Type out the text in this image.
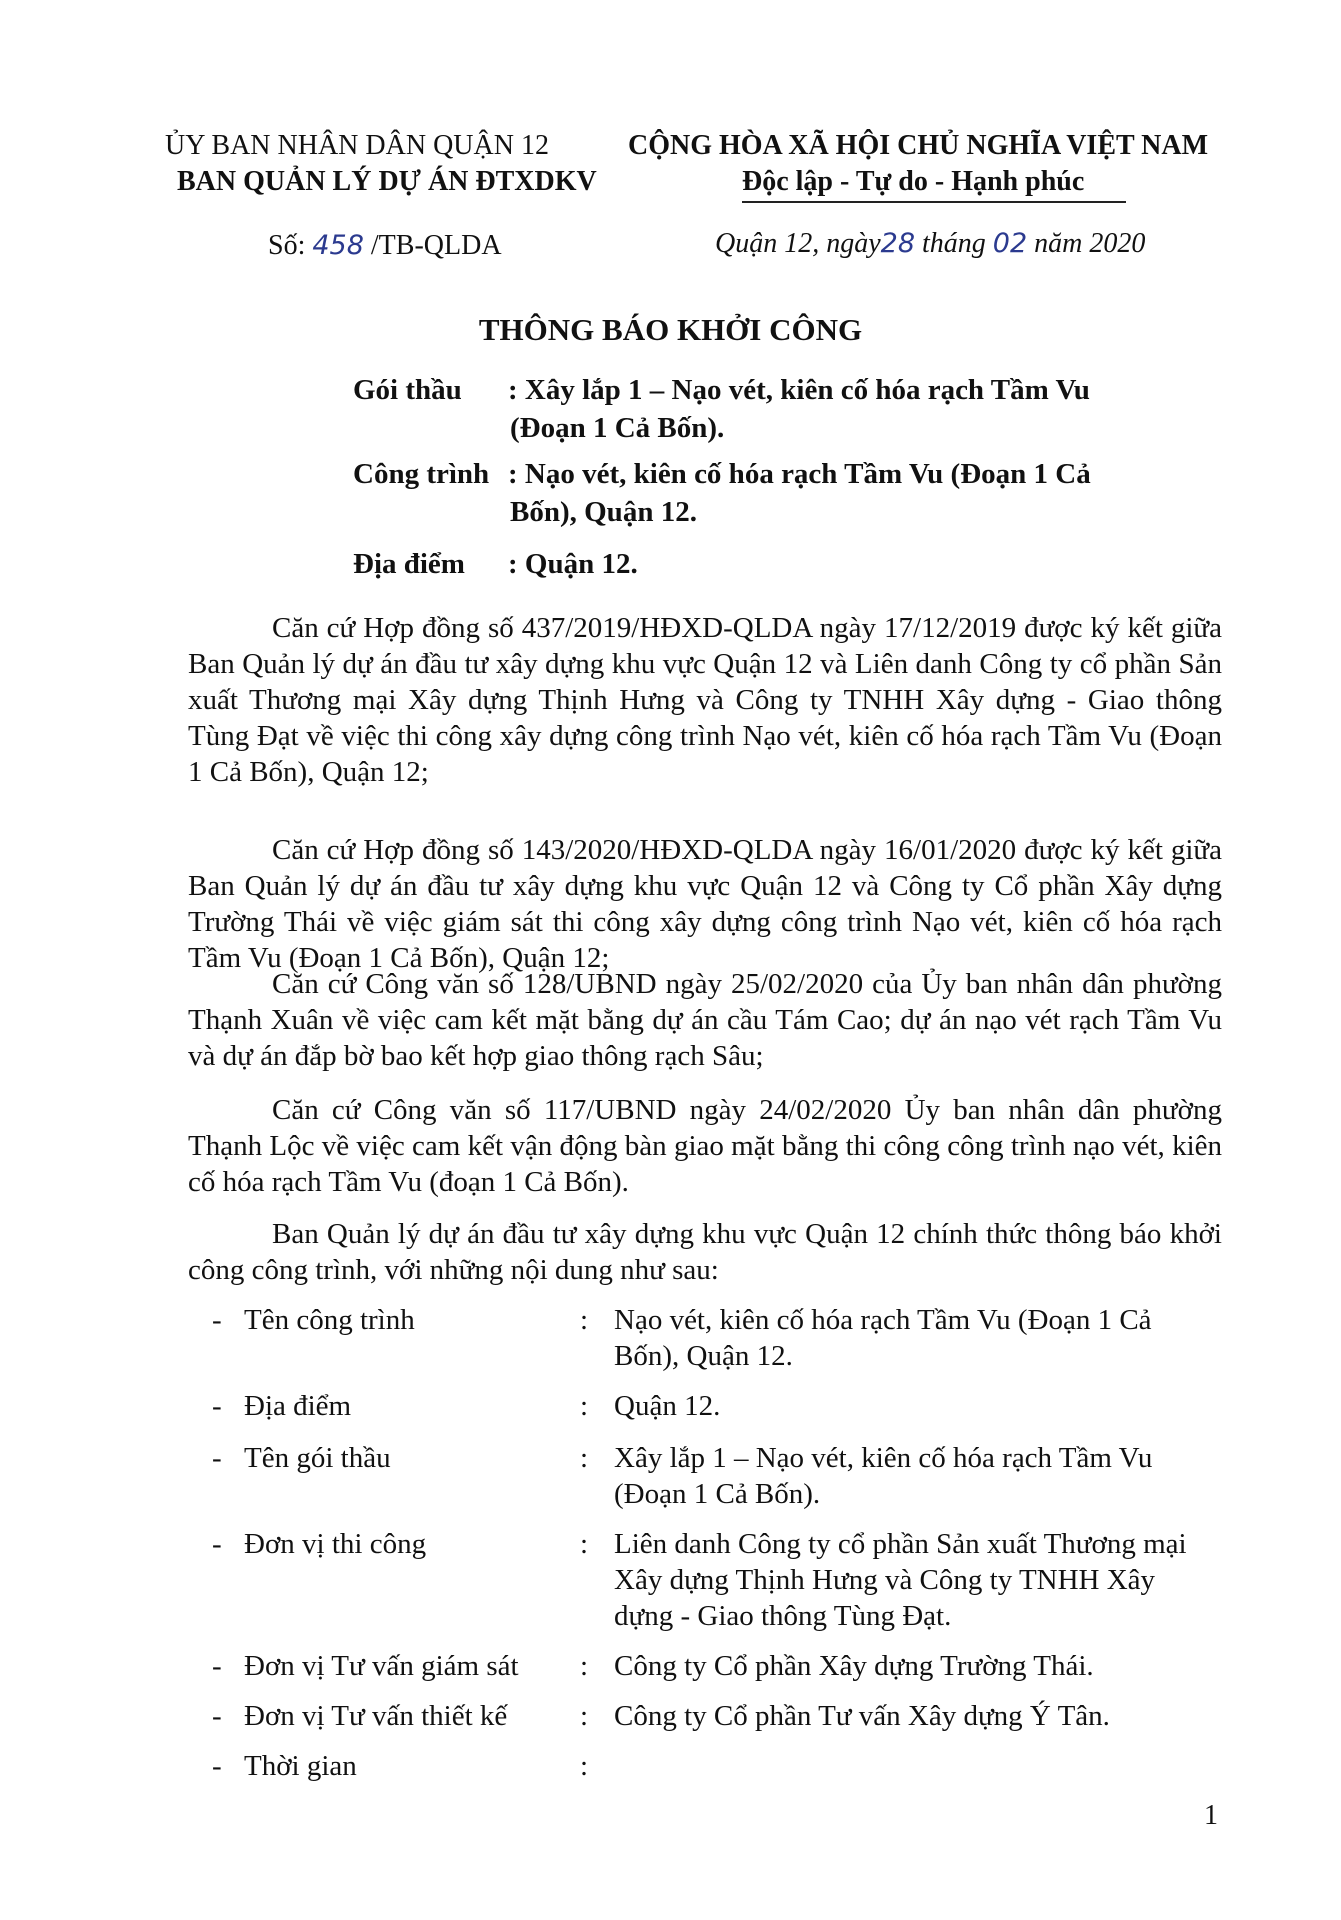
ỦY BAN NHÂN DÂN QUẬN 12
BAN QUẢN LÝ DỰ ÁN ĐTXDKV
CỘNG HÒA XÃ HỘI CHỦ NGHĨA VIỆT NAM
Độc lập - Tự do - Hạnh phúc
Số: 458 /TB-QLDA	Quận 12, ngày28 tháng 02 năm 2020
THÔNG BÁO KHỞI CÔNG
Gói thầu : Xây lắp 1 – Nạo vét, kiên cố hóa rạch Tầm Vu
(Đoạn 1 Cả Bốn).
Công trình : Nạo vét, kiên cố hóa rạch Tầm Vu (Đoạn 1 Cả
Bốn), Quận 12.
Địa điểm : Quận 12.
Căn cứ Hợp đồng số 437/2019/HĐXD-QLDA ngày 17/12/2019 được ký kết giữa Ban Quản lý dự án đầu tư xây dựng khu vực Quận 12 và Liên danh Công ty cổ phần Sản xuất Thương mại Xây dựng Thịnh Hưng và Công ty TNHH Xây dựng - Giao thông Tùng Đạt về việc thi công xây dựng công trình Nạo vét, kiên cố hóa rạch Tầm Vu (Đoạn 1 Cả Bốn), Quận 12;
Căn cứ Hợp đồng số 143/2020/HĐXD-QLDA ngày 16/01/2020 được ký kết giữa Ban Quản lý dự án đầu tư xây dựng khu vực Quận 12 và Công ty Cổ phần Xây dựng Trường Thái về việc giám sát thi công xây dựng công trình Nạo vét, kiên cố hóa rạch Tầm Vu (Đoạn 1 Cả Bốn), Quận 12;
Căn cứ Công văn số 128/UBND ngày 25/02/2020 của Ủy ban nhân dân phường Thạnh Xuân về việc cam kết mặt bằng dự án cầu Tám Cao; dự án nạo vét rạch Tầm Vu và dự án đắp bờ bao kết hợp giao thông rạch Sâu;
Căn cứ Công văn số 117/UBND ngày 24/02/2020 Ủy ban nhân dân phường Thạnh Lộc về việc cam kết vận động bàn giao mặt bằng thi công công trình nạo vét, kiên cố hóa rạch Tầm Vu (đoạn 1 Cả Bốn).
Ban Quản lý dự án đầu tư xây dựng khu vực Quận 12 chính thức thông báo khởi công công trình, với những nội dung như sau:
- Tên công trình	: Nạo vét, kiên cố hóa rạch Tầm Vu (Đoạn 1 Cả Bốn), Quận 12.
- Địa điểm	: Quận 12.
- Tên gói thầu	: Xây lắp 1 – Nạo vét, kiên cố hóa rạch Tầm Vu (Đoạn 1 Cả Bốn).
- Đơn vị thi công	: Liên danh Công ty cổ phần Sản xuất Thương mại Xây dựng Thịnh Hưng và Công ty TNHH Xây dựng - Giao thông Tùng Đạt.
- Đơn vị Tư vấn giám sát : Công ty Cổ phần Xây dựng Trường Thái.
- Đơn vị Tư vấn thiết kế	: Công ty Cổ phần Tư vấn Xây dựng Ý Tân.
- Thời gian	:
1
